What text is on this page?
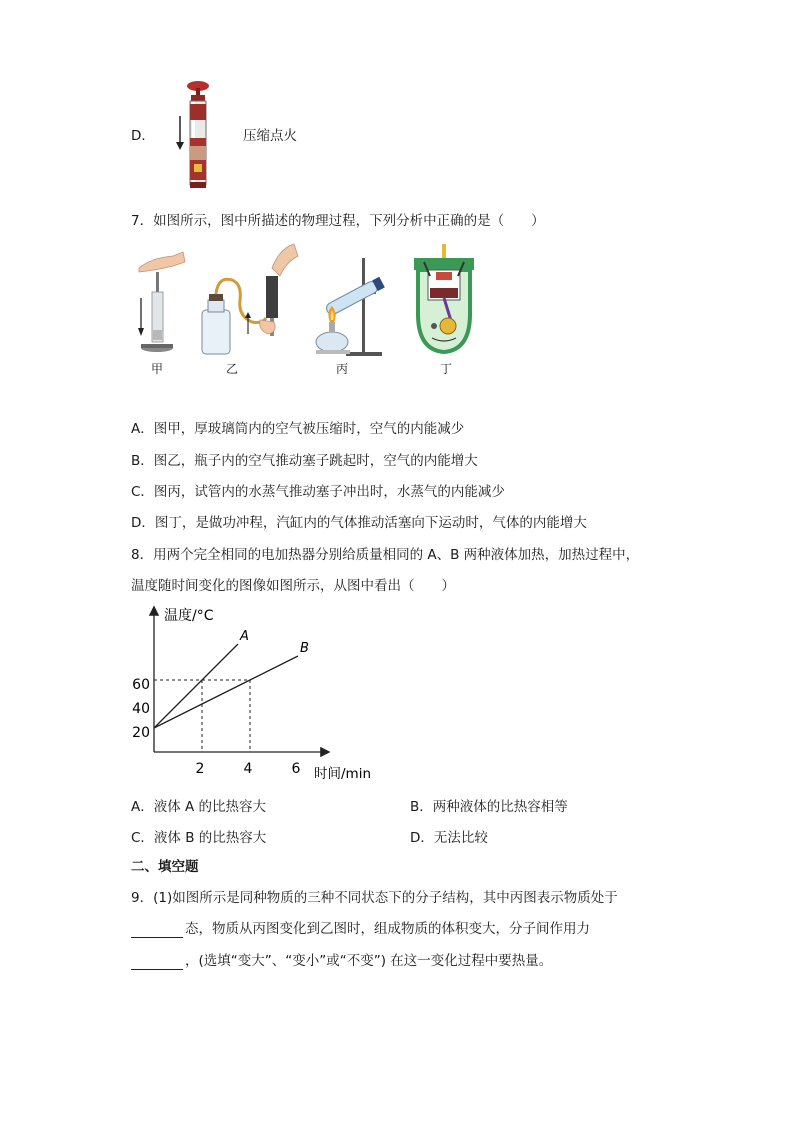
D．	压缩点火
7．如图所示，图中所描述的物理过程，下列分析中正确的是（　　）
甲	乙	丙	丁
A．图甲，厚玻璃筒内的空气被压缩时，空气的内能减少
B．图乙，瓶子内的空气推动塞子跳起时，空气的内能增大
C．图丙，试管内的水蒸气推动塞子冲出时，水蒸气的内能减少
D．图丁，是做功冲程，汽缸内的气体推动活塞向下运动时，气体的内能增大
8．用两个完全相同的电加热器分别给质量相同的 A、B 两种液体加热，加热过程中，
温度随时间变化的图像如图所示，从图中看出（　　）
温度/°C
时间/min
2	4	6
20
40
60
A
B
A．液体 A 的比热容大	B．两种液体的比热容相等
C．液体 B 的比热容大	D．无法比较
二、填空题
9．(1)如图所示是同种物质的三种不同状态下的分子结构，其中丙图表示物质处于
态，物质从丙图变化到乙图时，组成物质的体积变大，分子间作用力
，(选填“变大”、“变小”或“不变”) 在这一变化过程中要热量。
